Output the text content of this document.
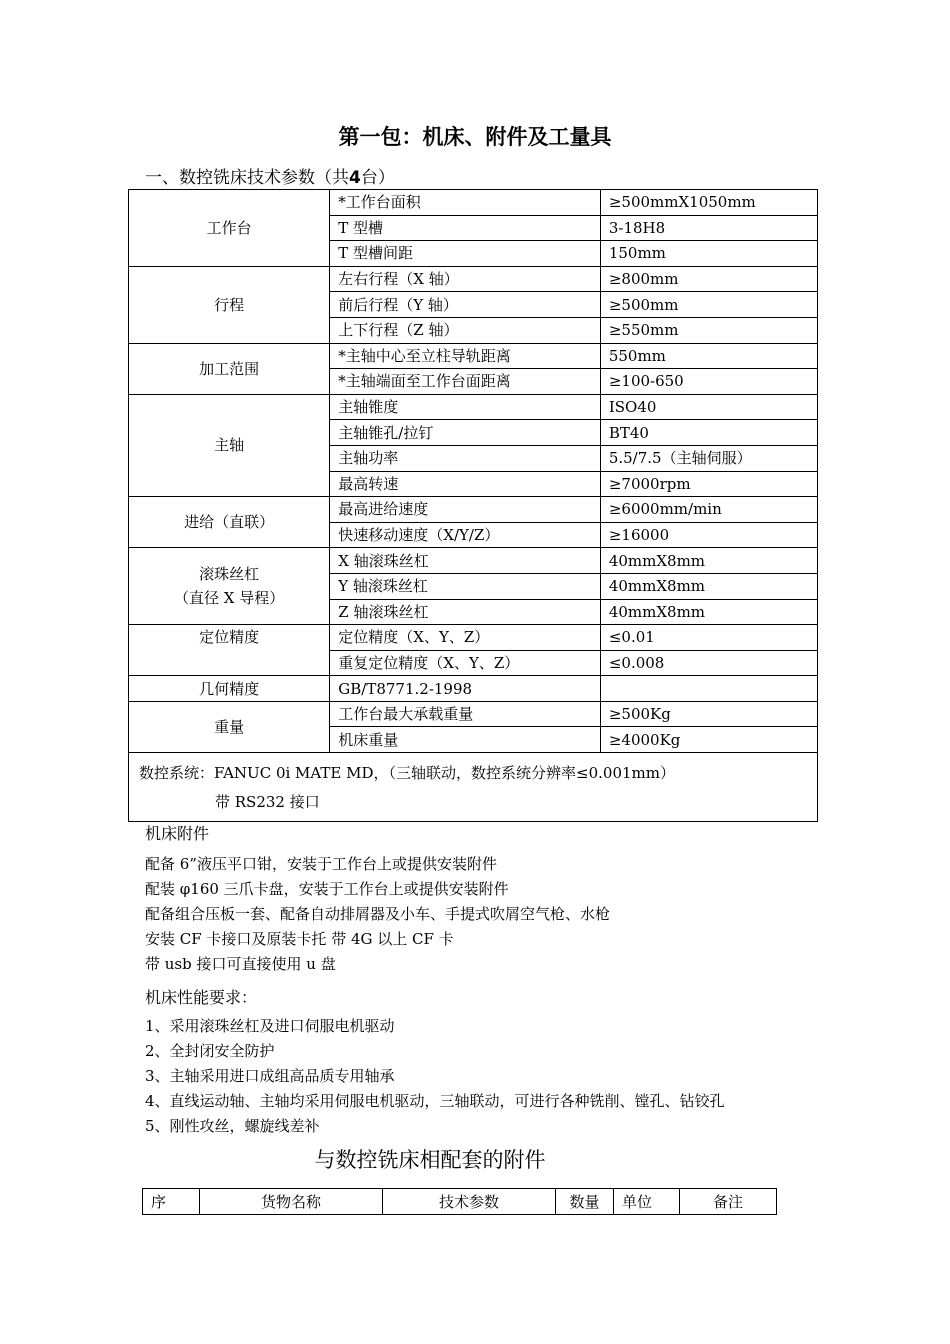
第一包：机床、附件及工量具
一、数控铣床技术参数（共4台）
工作台	*工作台面积	≥500mmX1050mm
	T 型槽	3-18H8
	T 型槽间距	150mm
行程	左右行程（X 轴）	≥800mm
	前后行程（Y 轴）	≥500mm
	上下行程（Z 轴）	≥550mm
加工范围	*主轴中心至立柱导轨距离	550mm
	*主轴端面至工作台面距离	≥100-650
主轴	主轴锥度	ISO40
	主轴锥孔/拉钉	BT40
	主轴功率	5.5/7.5（主轴伺服）
	最高转速	≥7000rpm
进给（直联）	最高进给速度	≥6000mm/min
	快速移动速度（X/Y/Z）	≥16000

滚珠丝杠
（直径 X 导程）	X 轴滚珠丝杠	40mmX8mm
	Y 轴滚珠丝杠	40mmX8mm
	Z 轴滚珠丝杠	40mmX8mm
定位精度	定位精度（X、Y、Z）	≤0.01
	重复定位精度（X、Y、Z）	≤0.008
几何精度	GB/T8771.2-1998	
重量	工作台最大承载重量	≥500Kg
	机床重量	≥4000Kg

数控系统：FANUC 0i MATE MD，（三轴联动，数控系统分辨率≤0.001mm）
带 RS232 接口		
机床附件
配备 6”液压平口钳，安装于工作台上或提供安装附件
配装 φ160 三爪卡盘，安装于工作台上或提供安装附件
配备组合压板一套、配备自动排屑器及小车、手提式吹屑空气枪、水枪
安装 CF 卡接口及原装卡托 带 4G 以上 CF 卡
带 usb 接口可直接使用 u 盘
机床性能要求：
1、采用滚珠丝杠及进口伺服电机驱动
2、全封闭安全防护
3、主轴采用进口成组高品质专用轴承
4、直线运动轴、主轴均采用伺服电机驱动，三轴联动，可进行各种铣削、镗孔、钻铰孔
5、刚性攻丝，螺旋线差补
与数控铣床相配套的附件
序	货物名称	技术参数	数量	单位	备注
